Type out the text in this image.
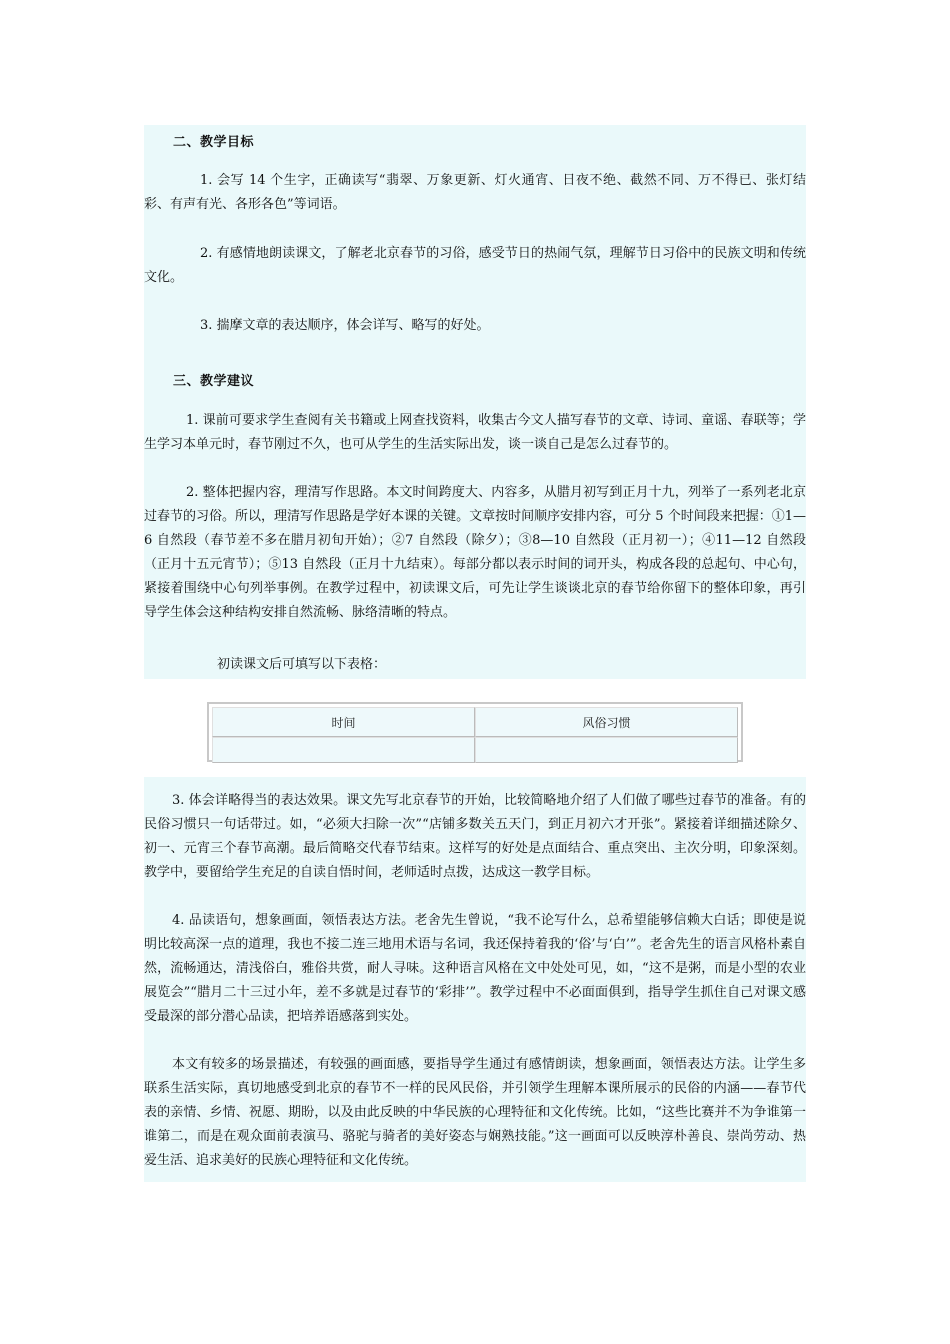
二、教学目标

1. 会写 14 个生字，正确读写“翡翠、万象更新、灯火通宵、日夜不绝、截然不同、万不得已、张灯结彩、有声有光、各形各色”等词语。

2. 有感情地朗读课文，了解老北京春节的习俗，感受节日的热闹气氛，理解节日习俗中的民族文明和传统文化。

3. 揣摩文章的表达顺序，体会详写、略写的好处。

三、教学建议

1. 课前可要求学生查阅有关书籍或上网查找资料，收集古今文人描写春节的文章、诗词、童谣、春联等；学生学习本单元时，春节刚过不久，也可从学生的生活实际出发，谈一谈自己是怎么过春节的。

2. 整体把握内容，理清写作思路。本文时间跨度大、内容多，从腊月初写到正月十九，列举了一系列老北京过春节的习俗。所以，理清写作思路是学好本课的关键。文章按时间顺序安排内容，可分 5 个时间段来把握：①1—6 自然段（春节差不多在腊月初旬开始）；②7 自然段（除夕）；③8—10 自然段（正月初一）；④11—12 自然段（正月十五元宵节）；⑤13 自然段（正月十九结束）。每部分都以表示时间的词开头，构成各段的总起句、中心句，紧接着围绕中心句列举事例。在教学过程中，初读课文后，可先让学生谈谈北京的春节给你留下的整体印象，再引导学生体会这种结构安排自然流畅、脉络清晰的特点。

初读课文后可填写以下表格：
时间	风俗习惯

3. 体会详略得当的表达效果。课文先写北京春节的开始，比较简略地介绍了人们做了哪些过春节的准备。有的民俗习惯只一句话带过。如，“必须大扫除一次”“店铺多数关五天门，到正月初六才开张”。紧接着详细描述除夕、初一、元宵三个春节高潮。最后简略交代春节结束。这样写的好处是点面结合、重点突出、主次分明，印象深刻。教学中，要留给学生充足的自读自悟时间，老师适时点拨，达成这一教学目标。

4. 品读语句，想象画面，领悟表达方法。老舍先生曾说，“我不论写什么，总希望能够信赖大白话；即使是说明比较高深一点的道理，我也不接二连三地用术语与名词，我还保持着我的‘俗’与‘白’”。老舍先生的语言风格朴素自然，流畅通达，清浅俗白，雅俗共赏，耐人寻味。这种语言风格在文中处处可见，如，“这不是粥，而是小型的农业展览会”“腊月二十三过小年，差不多就是过春节的‘彩排’”。教学过程中不必面面俱到，指导学生抓住自己对课文感受最深的部分潜心品读，把培养语感落到实处。

本文有较多的场景描述，有较强的画面感，要指导学生通过有感情朗读，想象画面，领悟表达方法。让学生多联系生活实际，真切地感受到北京的春节不一样的民风民俗，并引领学生理解本课所展示的民俗的内涵——春节代表的亲情、乡情、祝愿、期盼，以及由此反映的中华民族的心理特征和文化传统。比如，“这些比赛并不为争谁第一谁第二，而是在观众面前表演马、骆驼与骑者的美好姿态与娴熟技能。”这一画面可以反映淳朴善良、崇尚劳动、热爱生活、追求美好的民族心理特征和文化传统。
